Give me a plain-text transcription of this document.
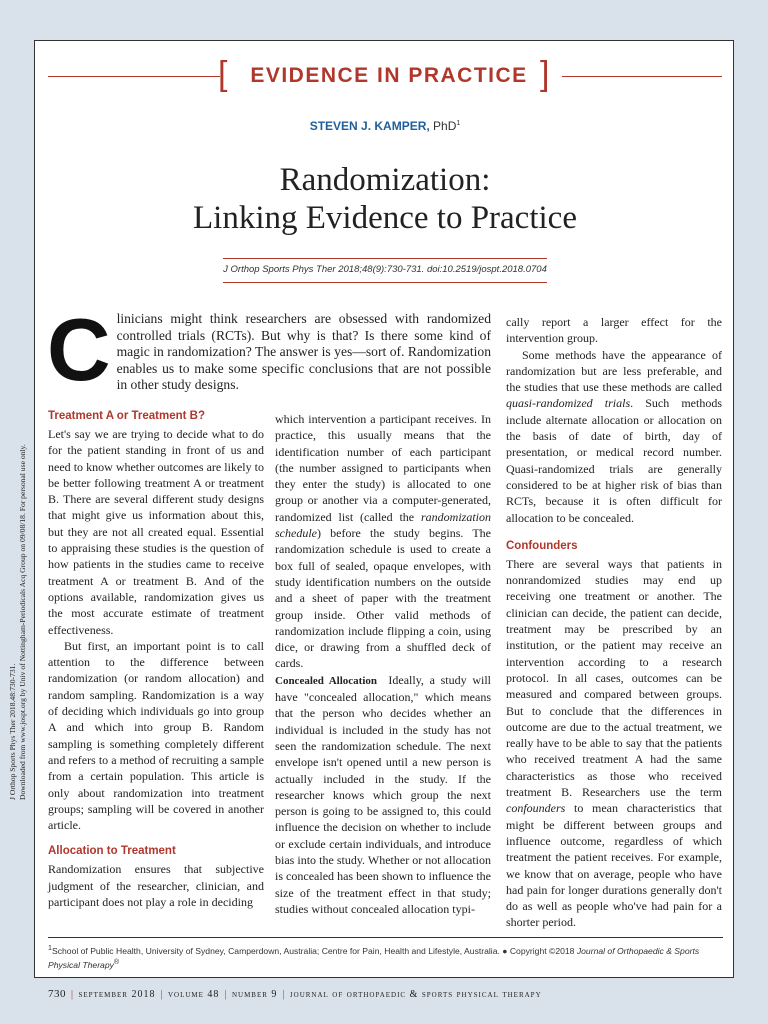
J Orthop Sports Phys Ther 2018.48:730-731. Downloaded from www.jospt.org by Univ of Nottingham-Periodicals Acq Group on 09/08/18. For personal use only.
[	EVIDENCE IN PRACTICE ]
STEVEN J. KAMPER, PhD$^1$
Randomization:
Linking Evidence to Practice
J Orthop Sports Phys Ther 2018;48(9):730-731. doi:10.2519/jospt.2018.0704
Clinicians might think researchers are obsessed with randomized controlled trials (RCTs). But why is that? Is there some kind of magic in randomization? The answer is yes—sort of. Randomization enables us to make some specific conclusions that are not possible in other study designs.
Treatment A or Treatment B?

Let's say we are trying to decide what to do for the patient standing in front of us and need to know whether outcomes are likely to be better following treatment A or treatment B. There are several different study designs that might give us information about this, but they are not all created equal. Essential to appraising these studies is the question of how patients in the studies came to receive treatment A or treatment B. And of the options available, randomization gives us the most accurate estimate of treatment effectiveness.

But first, an important point is to call attention to the difference between randomization (or random allocation) and random sampling. Randomization is a way of deciding which individuals go into group A and which into group B. Random sampling is something completely different and refers to a method of recruiting a sample from a certain population. This article is only about randomization into treatment groups; sampling will be covered in another article.

Allocation to Treatment

Randomization ensures that subjective judgment of the researcher, clinician, and participant does not play a role in deciding

which intervention a participant receives. In practice, this usually means that the identification number of each participant (the number assigned to participants when they enter the study) is allocated to one group or another via a computer-generated, randomized list (called the randomization schedule) before the study begins. The randomization schedule is used to create a box full of sealed, opaque envelopes, with study identification numbers on the outside and a sheet of paper with the treatment group inside. Other valid methods of randomization include flipping a coin, using dice, or drawing from a shuffled deck of cards.

Concealed Allocation Ideally, a study will have "concealed allocation," which means that the person who decides whether an individual is included in the study has not seen the randomization schedule. The next envelope isn't opened until a new person is actually included in the study. If the researcher knows which group the next person is going to be assigned to, this could influence the decision on whether to include or exclude certain individuals, and introduce bias into the study. Whether or not allocation is concealed has been shown to influence the size of the treatment effect in that study; studies without concealed allocation typi-

cally report a larger effect for the intervention group.

Some methods have the appearance of randomization but are less preferable, and the studies that use these methods are called quasi-randomized trials. Such methods include alternate allocation or allocation on the basis of date of birth, day of presentation, or medical record number. Quasi-randomized trials are generally considered to be at higher risk of bias than RCTs, because it is often difficult for allocation to be concealed.

Confounders

There are several ways that patients in nonrandomized studies may end up receiving one treatment or another. The clinician can decide, the patient can decide, treatment may be prescribed by an institution, or the patient may receive an intervention according to a research protocol. In all cases, outcomes can be measured and compared between groups. But to conclude that the differences in outcome are due to the actual treatment, we really have to be able to say that the patients who received treatment A had the same characteristics as those who received treatment B. Researchers use the term confounders to mean characteristics that might be different between groups and influence outcome, regardless of which treatment the patient receives. For example, we know that on average, people who have had pain for longer durations generally don't do as well as people who've had pain for a shorter period.

$^1$School of Public Health, University of Sydney, Camperdown, Australia; Centre for Pain, Health and Lifestyle, Australia. ● Copyright ©2018 Journal of Orthopaedic & Sports Physical Therapy®
730 | september 2018 | volume 48 | number 9 | journal of orthopaedic & sports physical therapy
